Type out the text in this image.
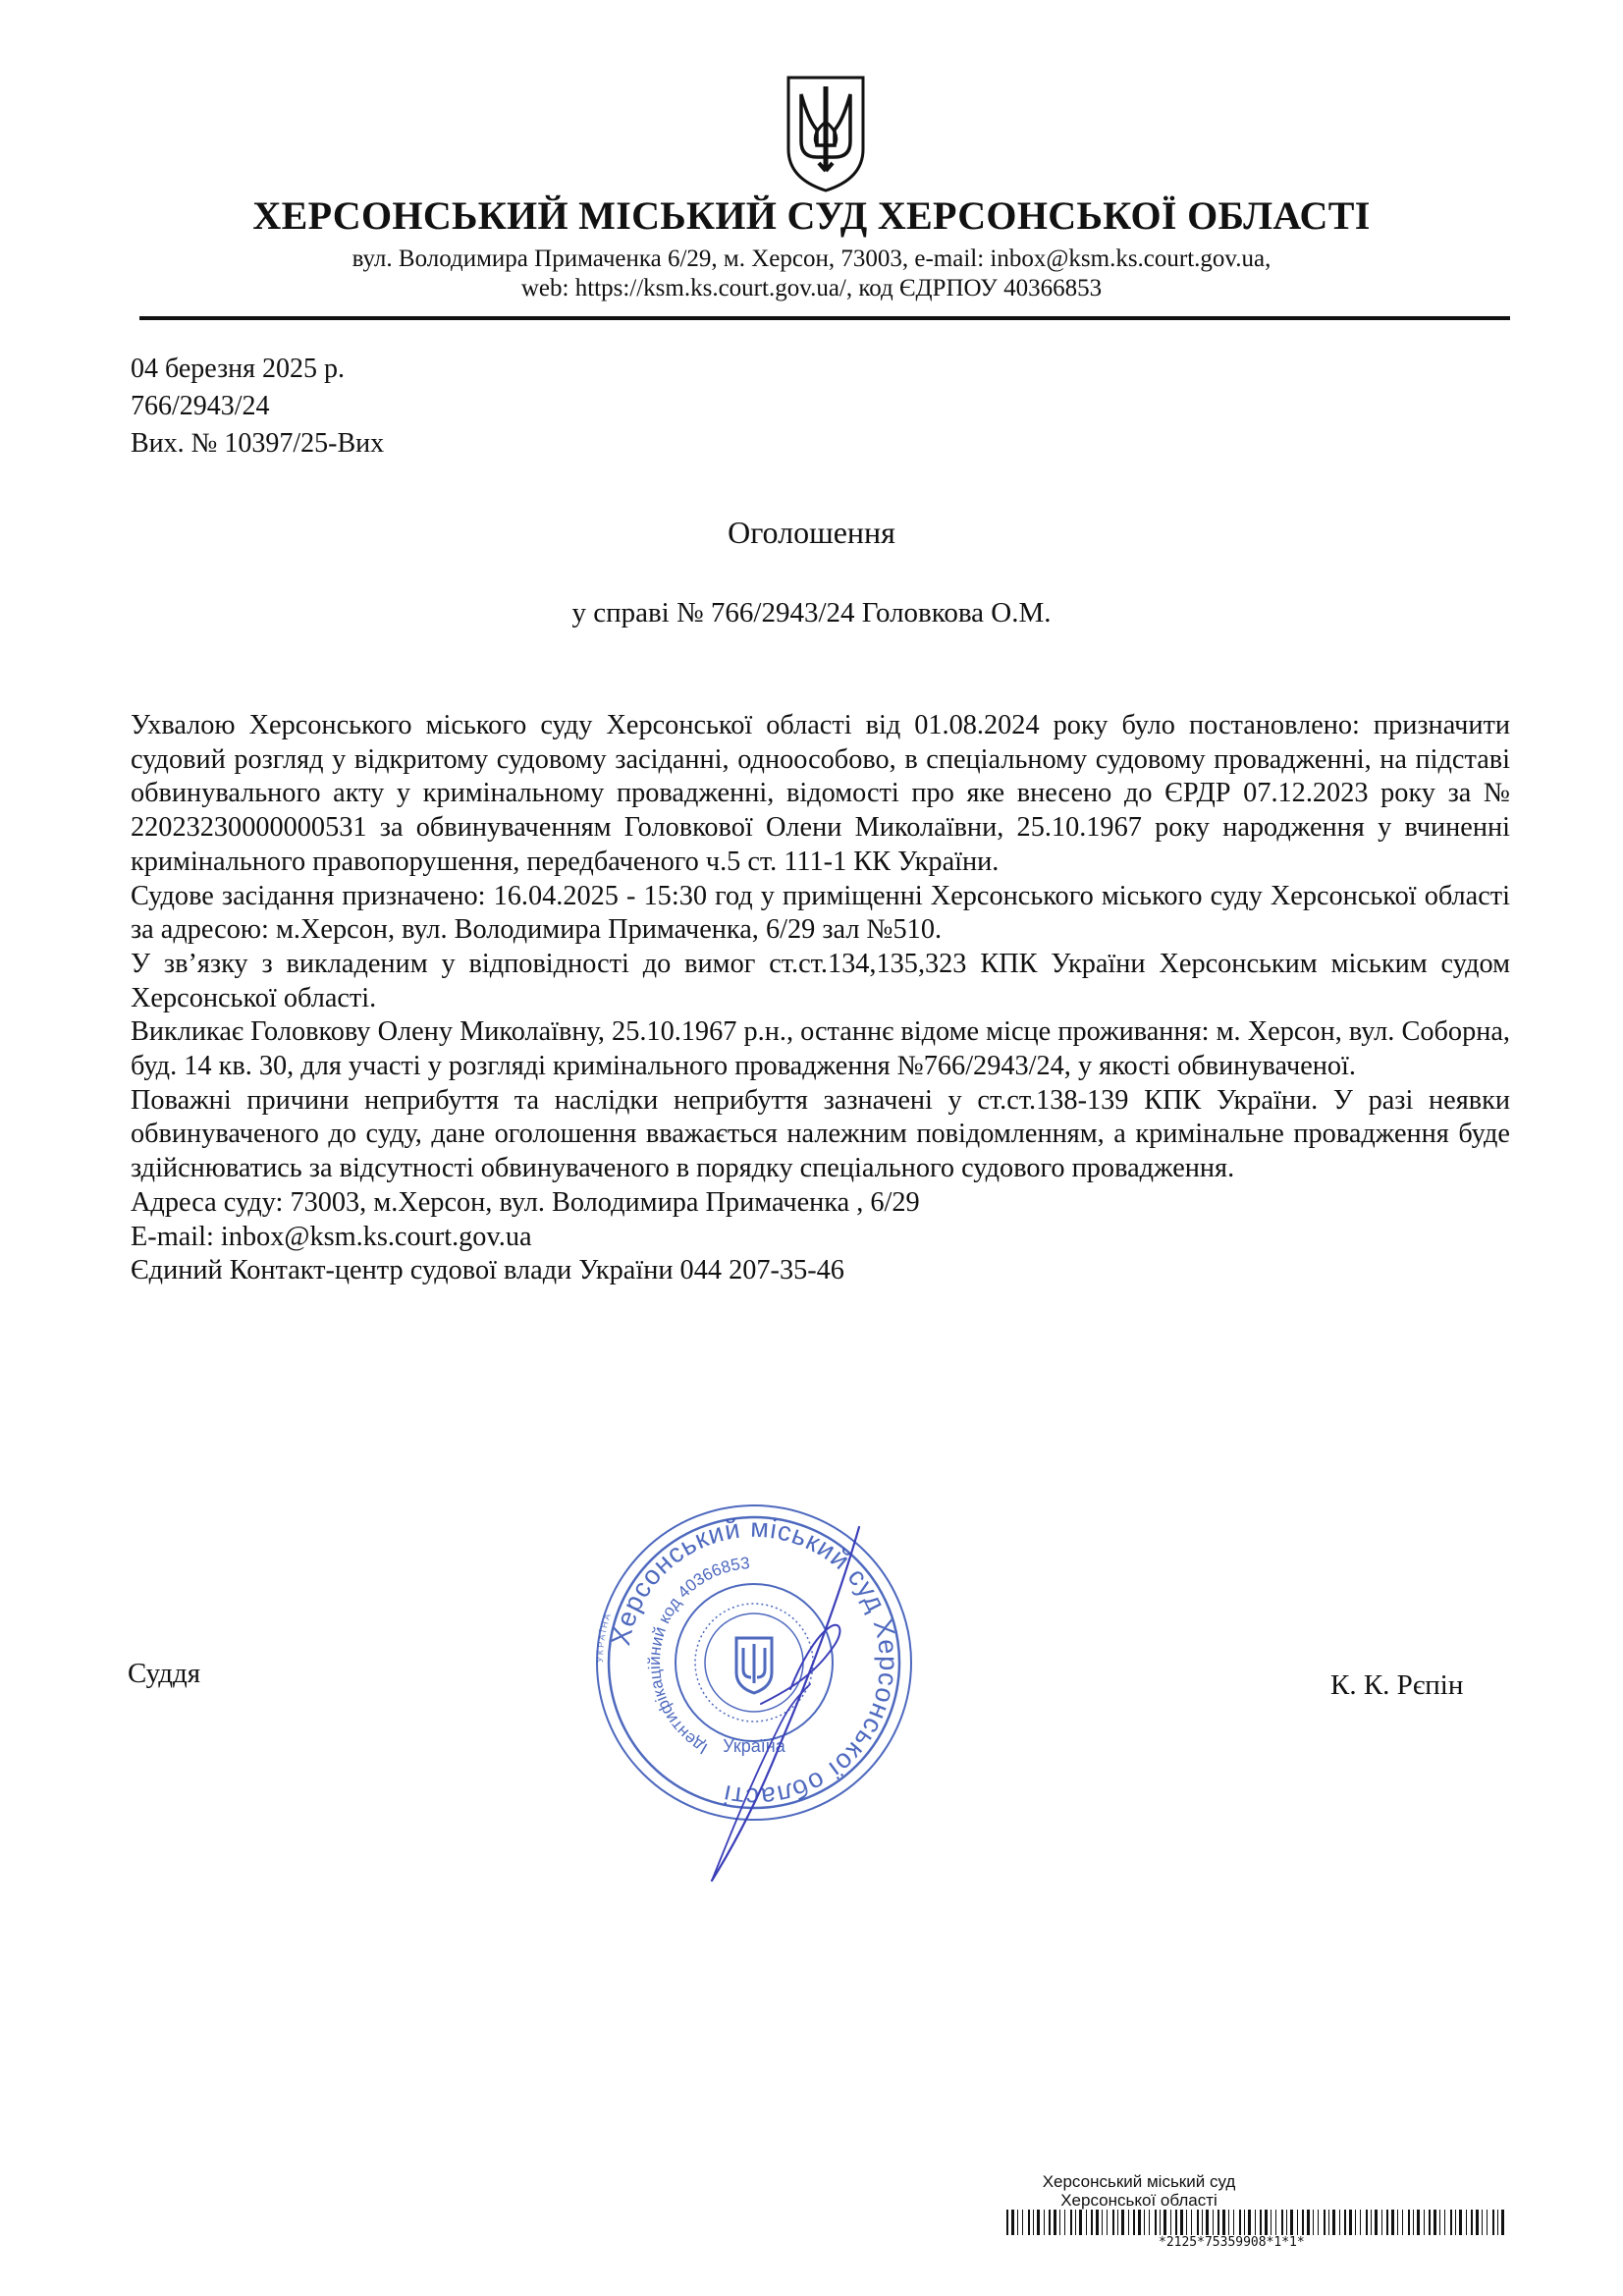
ХЕРСОНСЬКИЙ МІСЬКИЙ СУД ХЕРСОНСЬКОЇ ОБЛАСТІ
вул. Володимира Примаченка 6/29, м. Херсон, 73003, e-mail: inbox@ksm.ks.court.gov.ua,
web: https://ksm.ks.court.gov.ua/, код ЄДРПОУ 40366853
04 березня 2025 р.
766/2943/24
Вих. № 10397/25-Вих
Оголошення
у справі № 766/2943/24 Головкова О.М.

Ухвалою Херсонського міського суду Херсонської області від 01.08.2024 року було постановлено: призначити судовий розгляд у відкритому судовому засіданні, одноособово, в спеціальному судовому провадженні, на підставі обвинувального акту у кримінальному провадженні, відомості про яке внесено до ЄРДР 07.12.2023 року за № 22023230000000531 за обвинуваченням Головкової Олени Миколаївни, 25.10.1967 року народження у вчиненні кримінального правопорушення, передбаченого ч.5 ст. 111-1 КК України.

Судове засідання призначено: 16.04.2025 - 15:30 год у приміщенні Херсонського міського суду Херсонської області за адресою: м.Херсон, вул. Володимира Примаченка, 6/29 зал №510.

У зв’язку з викладеним у відповідності до вимог ст.ст.134,135,323 КПК України Херсонським міським судом Херсонської області.

Викликає Головкову Олену Миколаївну, 25.10.1967 р.н., останнє відоме місце проживання: м. Херсон, вул. Соборна, буд. 14 кв. 30, для участі у розгляді кримінального провадження №766/2943/24, у якості обвинуваченої.

Поважні причини неприбуття та наслідки неприбуття зазначені у ст.ст.138-139 КПК України. У разі неявки обвинуваченого до суду, дане оголошення вважається належним повідомленням, а кримінальне провадження буде здійснюватись за відсутності обвинуваченого в порядку спеціального судового провадження.

Адреса суду: 73003, м.Херсон, вул. Володимира Примаченка , 6/29

E-mail: inbox@ksm.ks.court.gov.ua

Єдиний Контакт-центр судової влади України 044 207-35-46

Суддя	К. К. Рєпін
УКРАЇНА
Херсонський міський суд Херсонської області
Ідентифікаційний код 40366853
Україна
Херсонський міський суд
Херсонської області
*2125*75359908*1*1*
